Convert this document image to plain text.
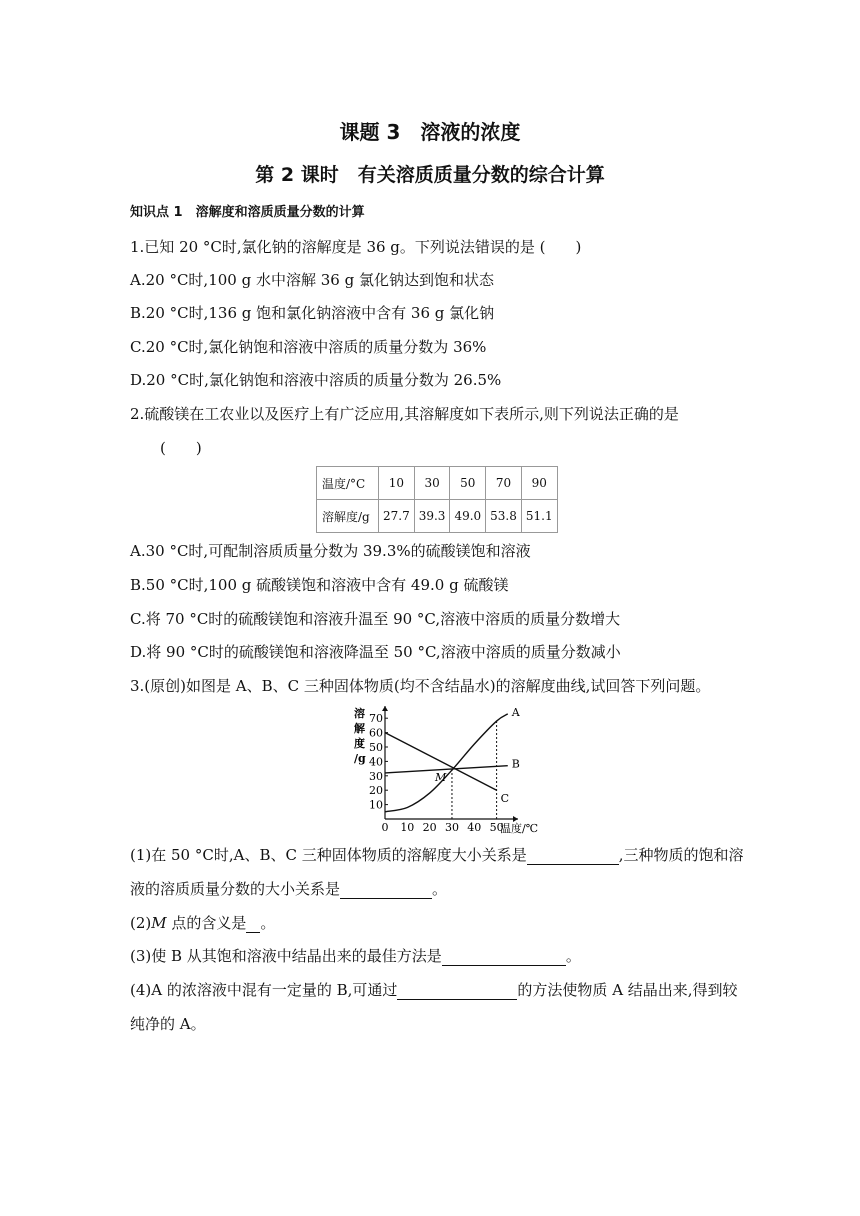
课题 3　溶液的浓度
第 2 课时　有关溶质质量分数的综合计算
知识点 1　溶解度和溶质质量分数的计算
1.已知 20 °C时,氯化钠的溶解度是 36 g。下列说法错误的是 (　　)
A.20 °C时,100 g 水中溶解 36 g 氯化钠达到饱和状态
B.20 °C时,136 g 饱和氯化钠溶液中含有 36 g 氯化钠
C.20 °C时,氯化钠饱和溶液中溶质的质量分数为 36%
D.20 °C时,氯化钠饱和溶液中溶质的质量分数为 26.5%
2.硫酸镁在工农业以及医疗上有广泛应用,其溶解度如下表所示,则下列说法正确的是
(　　)
温度/°C	10	30	50	70	90
溶解度/g	27.7	39.3	49.0	53.8	51.1
A.30 °C时,可配制溶质质量分数为 39.3%的硫酸镁饱和溶液
B.50 °C时,100 g 硫酸镁饱和溶液中含有 49.0 g 硫酸镁
C.将 70 °C时的硫酸镁饱和溶液升温至 90 °C,溶液中溶质的质量分数增大
D.将 90 °C时的硫酸镁饱和溶液降温至 50 °C,溶液中溶质的质量分数减小
3.(原创)如图是 A、B、C 三种固体物质(均不含结晶水)的溶解度曲线,试回答下列问题。
10
20
30
40
50
60
70
0 10 20 30 40 50
温度/℃
溶
解
度
/g
A
B
C
M
(1)在 50 °C时,A、B、C 三种固体物质的溶解度大小关系是	,三种物质的饱和溶
液的溶质质量分数的大小关系是	。
(2)M 点的含义是 。
(3)使 B 从其饱和溶液中结晶出来的最佳方法是	。
(4)A 的浓溶液中混有一定量的 B,可通过	的方法使物质 A 结晶出来,得到较
纯净的 A。
